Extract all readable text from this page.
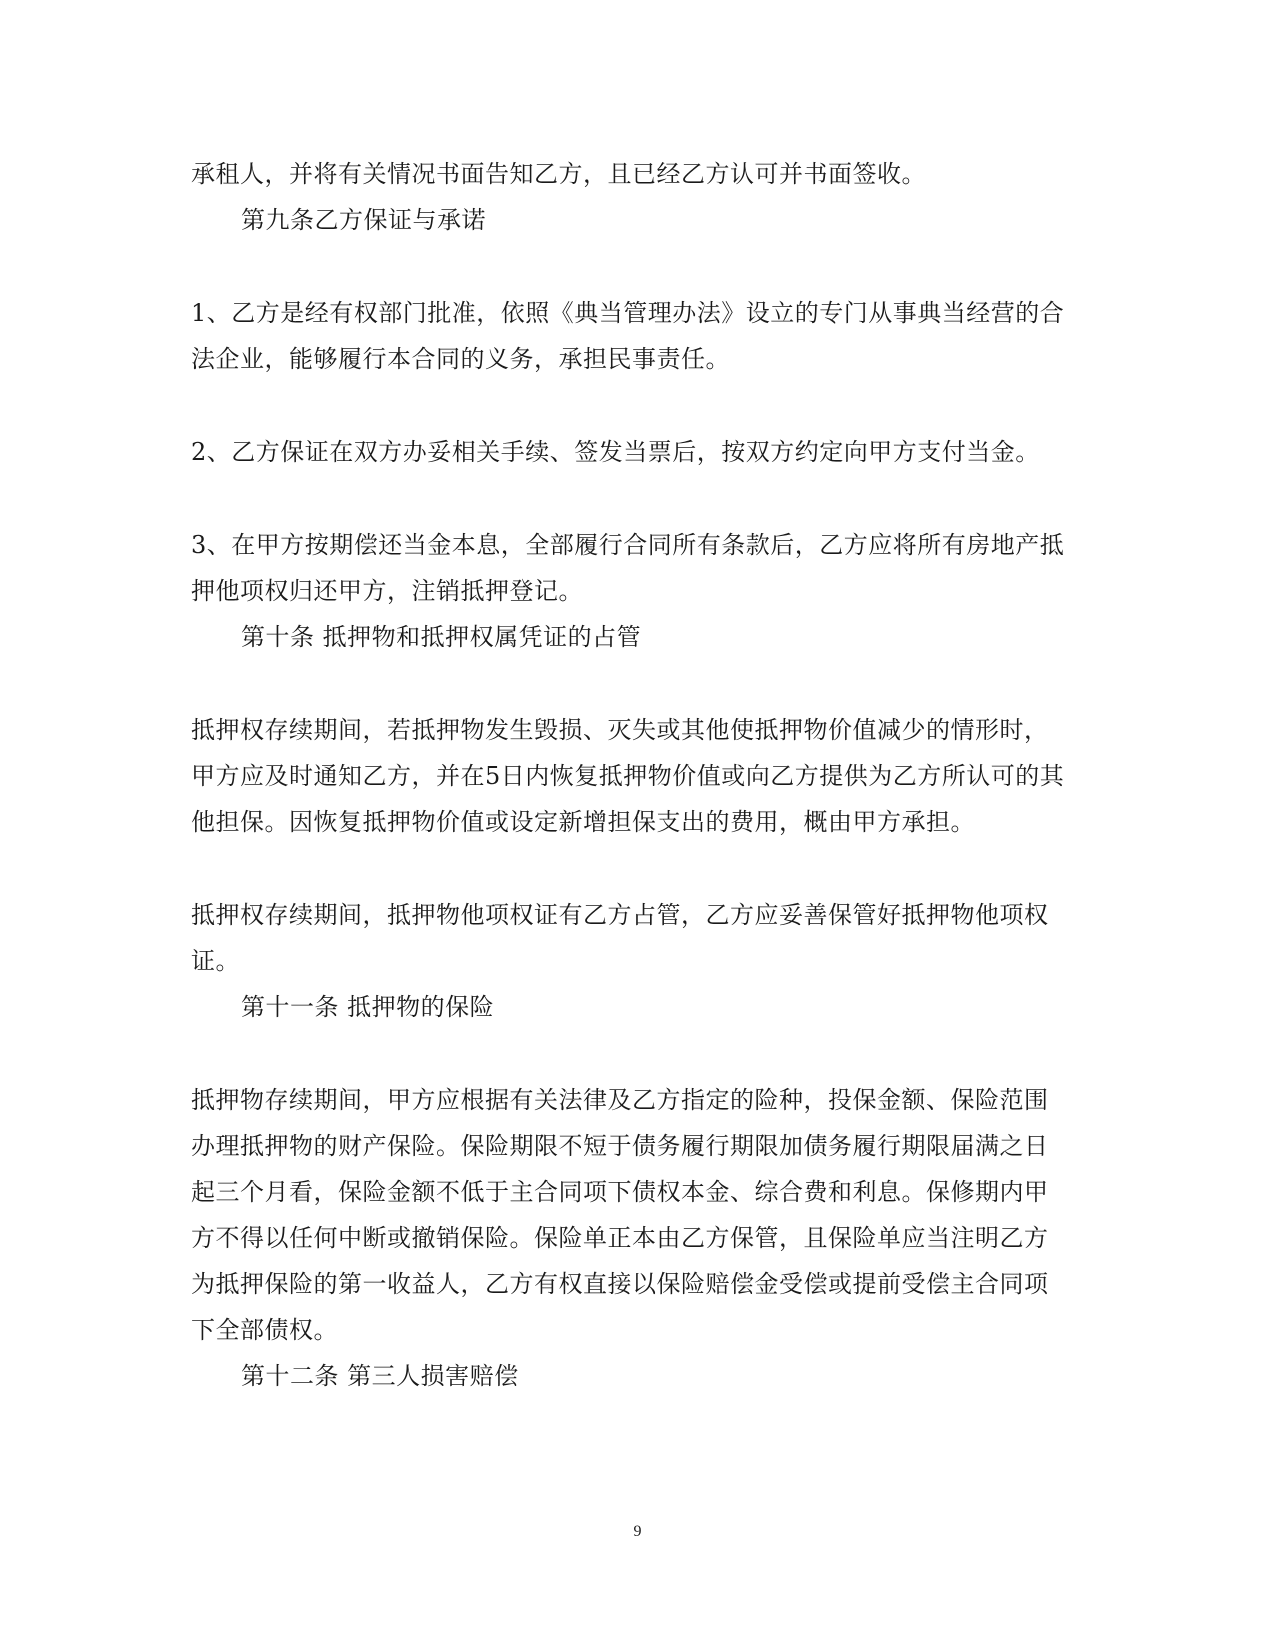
承租人，并将有关情况书面告知乙方，且已经乙方认可并书面签收。
第九条乙方保证与承诺
1、乙方是经有权部门批准，依照《典当管理办法》设立的专门从事典当经营的合
法企业，能够履行本合同的义务，承担民事责任。
2、乙方保证在双方办妥相关手续、签发当票后，按双方约定向甲方支付当金。
3、在甲方按期偿还当金本息，全部履行合同所有条款后，乙方应将所有房地产抵
押他项权归还甲方，注销抵押登记。
第十条 抵押物和抵押权属凭证的占管
抵押权存续期间，若抵押物发生毁损、灭失或其他使抵押物价值减少的情形时，
甲方应及时通知乙方，并在5日内恢复抵押物价值或向乙方提供为乙方所认可的其
他担保。因恢复抵押物价值或设定新增担保支出的费用，概由甲方承担。
抵押权存续期间，抵押物他项权证有乙方占管，乙方应妥善保管好抵押物他项权
证。
第十一条 抵押物的保险
抵押物存续期间，甲方应根据有关法律及乙方指定的险种，投保金额、保险范围
办理抵押物的财产保险。保险期限不短于债务履行期限加债务履行期限届满之日
起三个月看，保险金额不低于主合同项下债权本金、综合费和利息。保修期内甲
方不得以任何中断或撤销保险。保险单正本由乙方保管，且保险单应当注明乙方
为抵押保险的第一收益人，乙方有权直接以保险赔偿金受偿或提前受偿主合同项
下全部债权。
第十二条 第三人损害赔偿
9
